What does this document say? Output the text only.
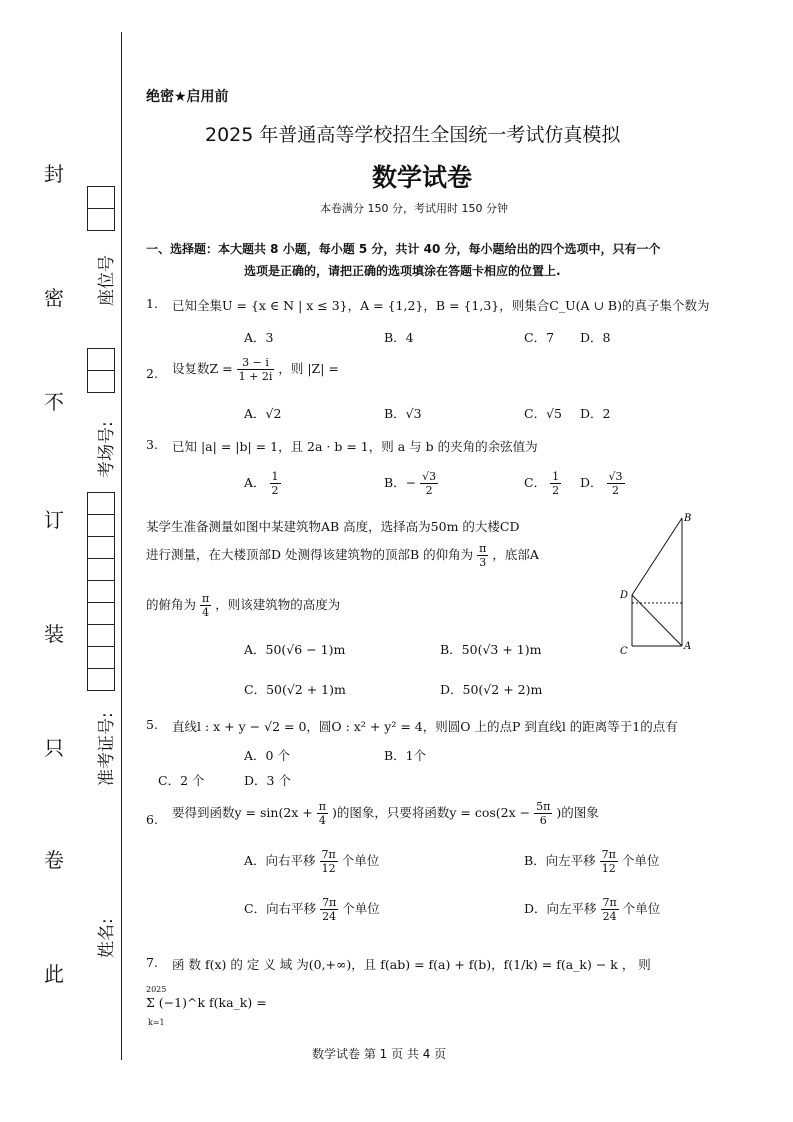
封
密
不
订
装
只
卷
此
座位号
考场号:
准考证号:
姓名:
绝密★启用前
2025 年普通高等学校招生全国统一考试仿真模拟
数学试卷
本卷满分 150 分，考试用时 150 分钟
一、选择题：本大题共 8 小题，每小题 5 分，共计 40 分，每小题给出的四个选项中，只有一个
选项是正确的，请把正确的选项填涂在答题卡相应的位置上.
1. 已知全集U = {x ∈ N | x ≤ 3}，A = {1,2}，B = {1,3}，则集合C_U(A ∪ B)的真子集个数为
A．3	B．4	C．7 D．8
2. 设复数$Z = \frac{3 - i}{1 + 2i}$ ，则 |Z| =
A．√2	B．√3	C．√5 D．2
3. 已知 |a| = |b| = 1，且 2a · b = 1，则 a 与 b 的夹角的余弦值为
A． $\frac{1}{2}$	B．− $\frac{√3}{2}$	C． $\frac{1}{2}$ D． $\frac{√3}{2}$
某学生准备测量如图中某建筑物AB 高度，选择高为50m 的大楼CD
进行测量，在大楼顶部D 处测得该建筑物的顶部B 的仰角为 $\frac{\pi}{3}$ ，底部A
的俯角为 $\frac{\pi}{4}$ ，则该建筑物的高度为
A．50(√6 − 1)m	B．50(√3 + 1)m
C．50(√2 + 1)m	D．50(√2 + 2)m
B
D
C	A
5. 直线l : x + y − √2 = 0，圆O : x² + y² = 4，则圆O 上的点P 到直线l 的距离等于1的点有
A．0 个	B．1个
C．2 个	D．3 个
6. 要得到函数$y = \sin(2x + \frac{\pi}{4}$ )的图象，只要将函数$y = \cos(2x - \frac{5\pi}{6}$ )的图象
A．向右平移 $\frac{7\pi}{12}$ 个单位	B．向左平移 $\frac{7\pi}{12}$ 个单位
C．向右平移 $\frac{7\pi}{24}$ 个单位	D．向左平移 $\frac{7\pi}{24}$ 个单位
7. 函 数 f(x) 的 定 义 域 为(0,+∞)，且 f(ab) = f(a) + f(b)，f(1/k) = f(a_k) − k ， 则
2025
Σ (−1)^k f(ka_k) =
k=1
数学试卷 第 1 页 共 4 页
